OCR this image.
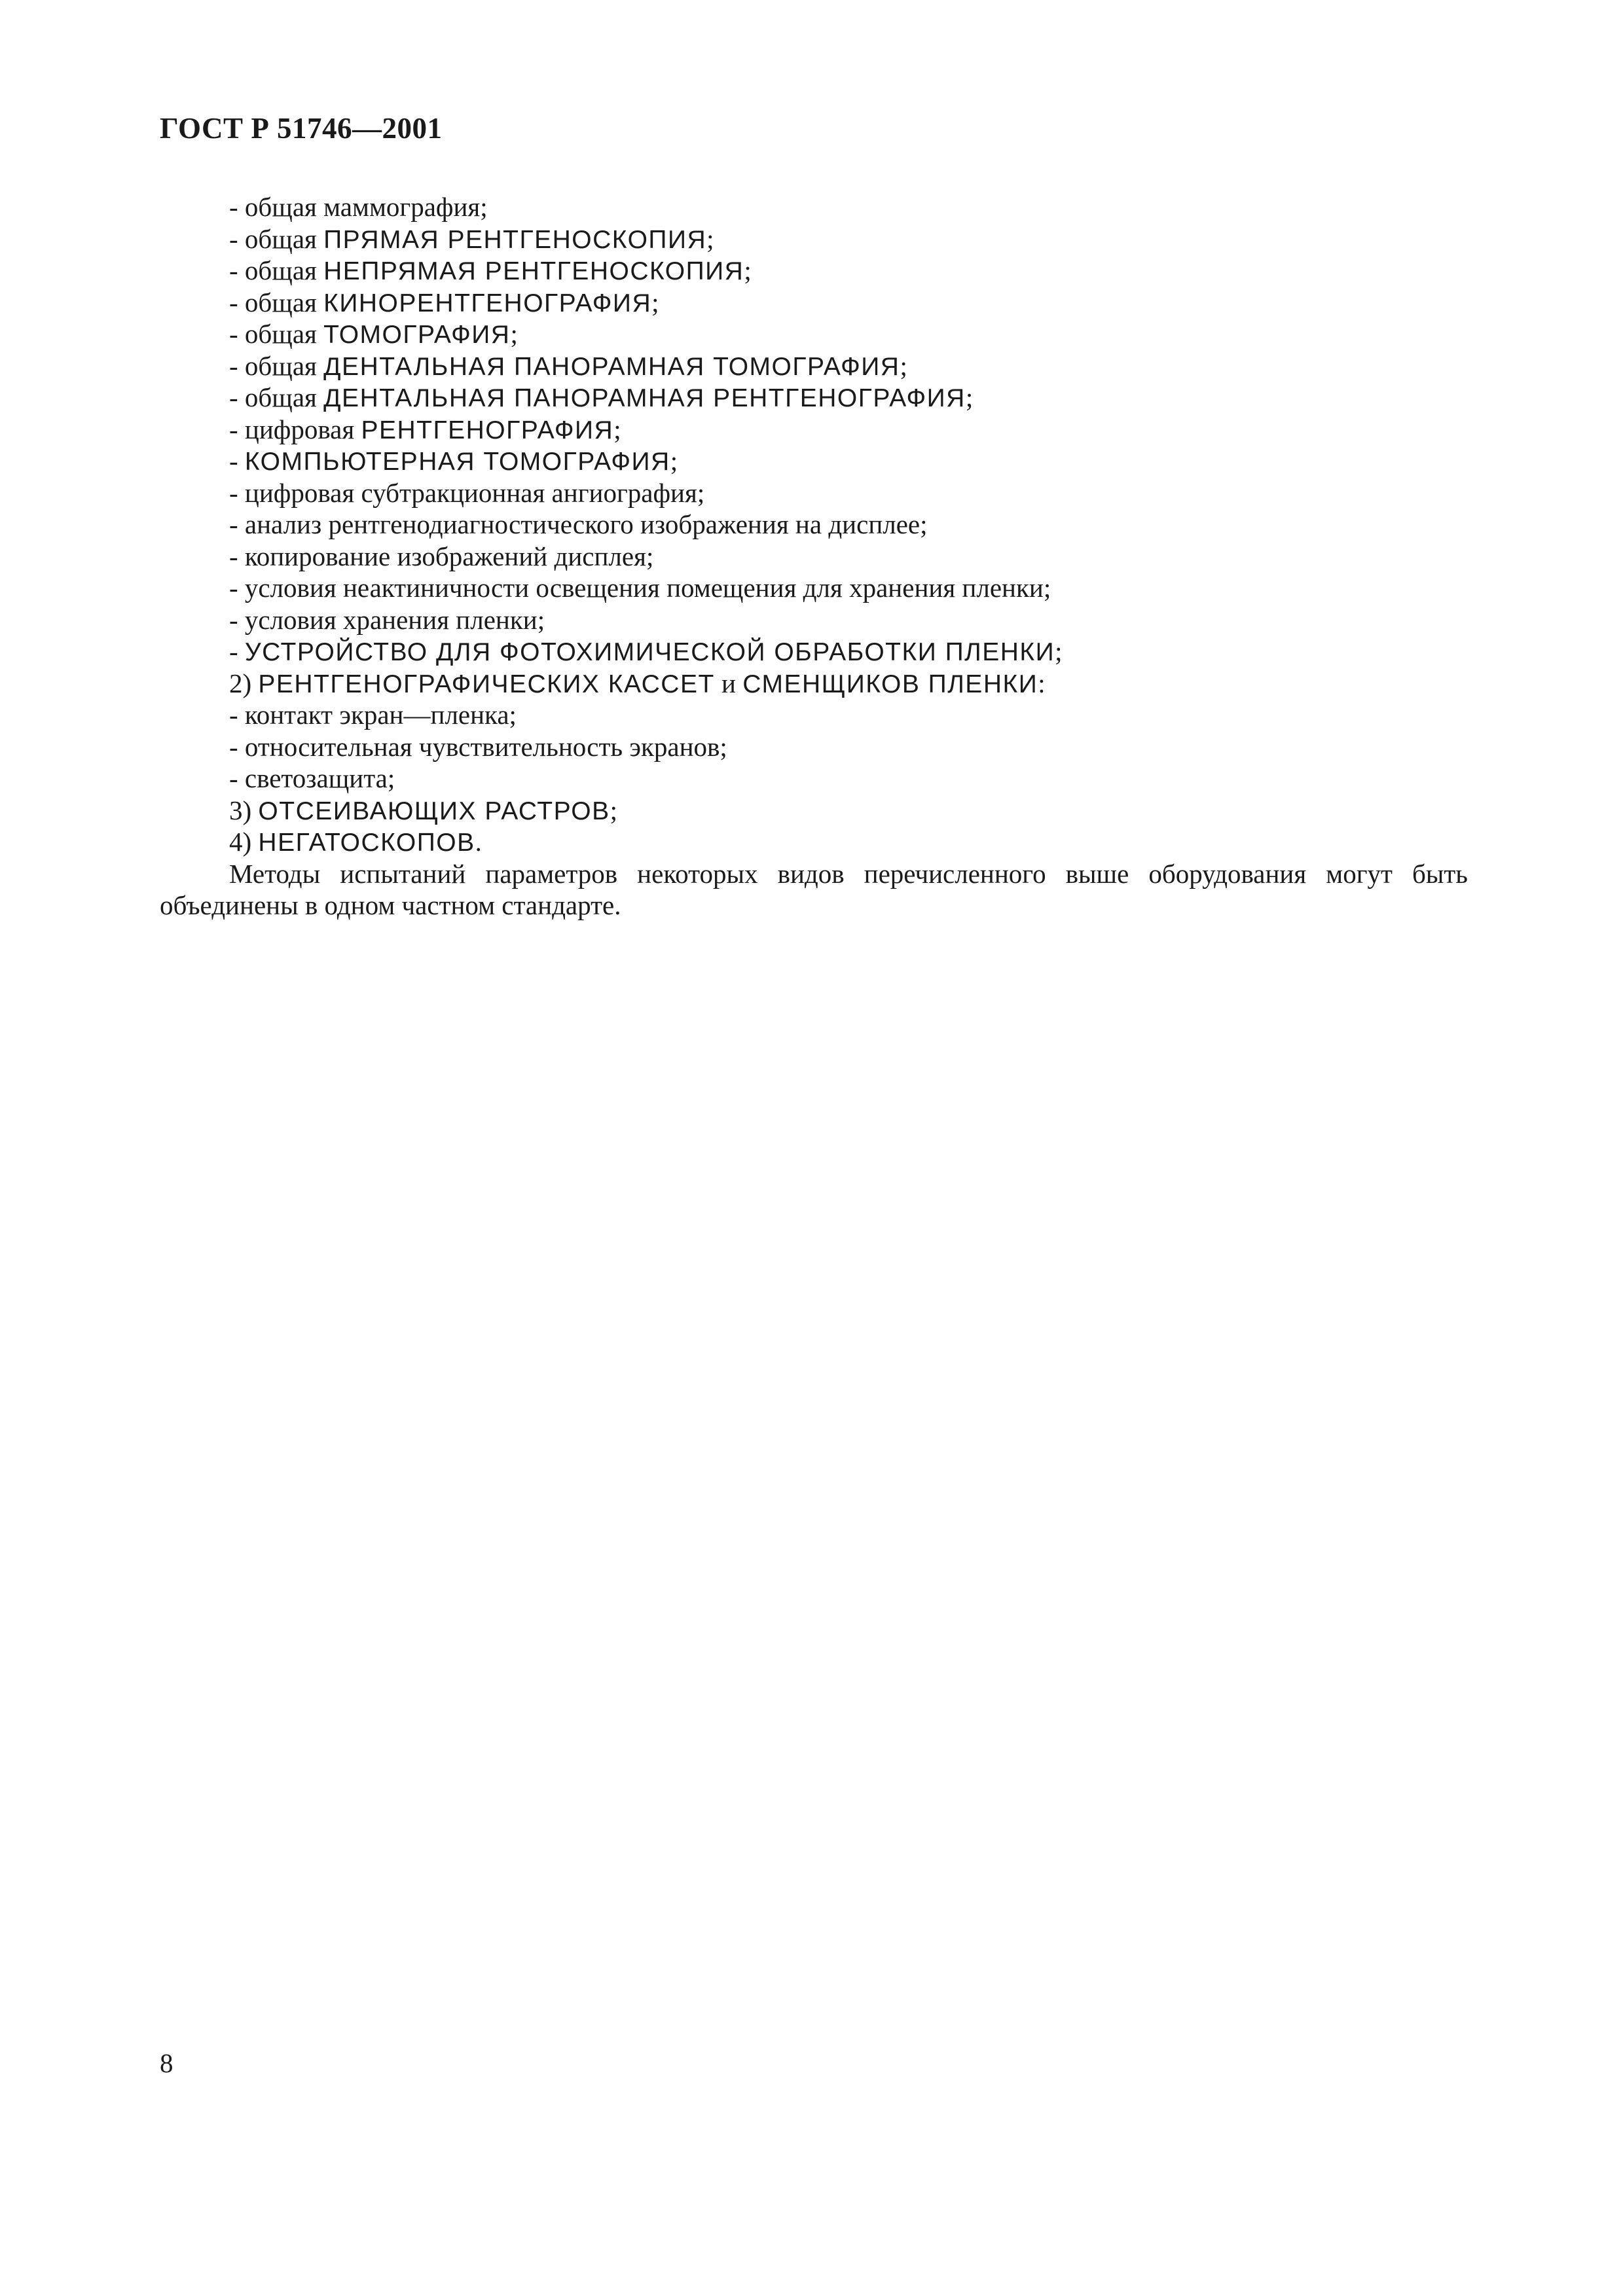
ГОСТ Р 51746—2001
- общая маммография;
- общая ПРЯМАЯ РЕНТГЕНОСКОПИЯ;
- общая НЕПРЯМАЯ РЕНТГЕНОСКОПИЯ;
- общая КИНОРЕНТГЕНОГРАФИЯ;
- общая ТОМОГРАФИЯ;
- общая ДЕНТАЛЬНАЯ ПАНОРАМНАЯ ТОМОГРАФИЯ;
- общая ДЕНТАЛЬНАЯ ПАНОРАМНАЯ РЕНТГЕНОГРАФИЯ;
- цифровая РЕНТГЕНОГРАФИЯ;
- КОМПЬЮТЕРНАЯ ТОМОГРАФИЯ;
- цифровая субтракционная ангиография;
- анализ рентгенодиагностического изображения на дисплее;
- копирование изображений дисплея;
- условия неактиничности освещения помещения для хранения пленки;
- условия хранения пленки;
- УСТРОЙСТВО ДЛЯ ФОТОХИМИЧЕСКОЙ ОБРАБОТКИ ПЛЕНКИ;
2) РЕНТГЕНОГРАФИЧЕСКИХ КАССЕТ и СМЕНЩИКОВ ПЛЕНКИ:
- контакт экран—пленка;
- относительная чувствительность экранов;
- светозащита;
3) ОТСЕИВАЮЩИХ РАСТРОВ;
4) НЕГАТОСКОПОВ.

Методы испытаний параметров некоторых видов перечисленного выше оборудования могут быть объединены в одном частном стандарте.

8
